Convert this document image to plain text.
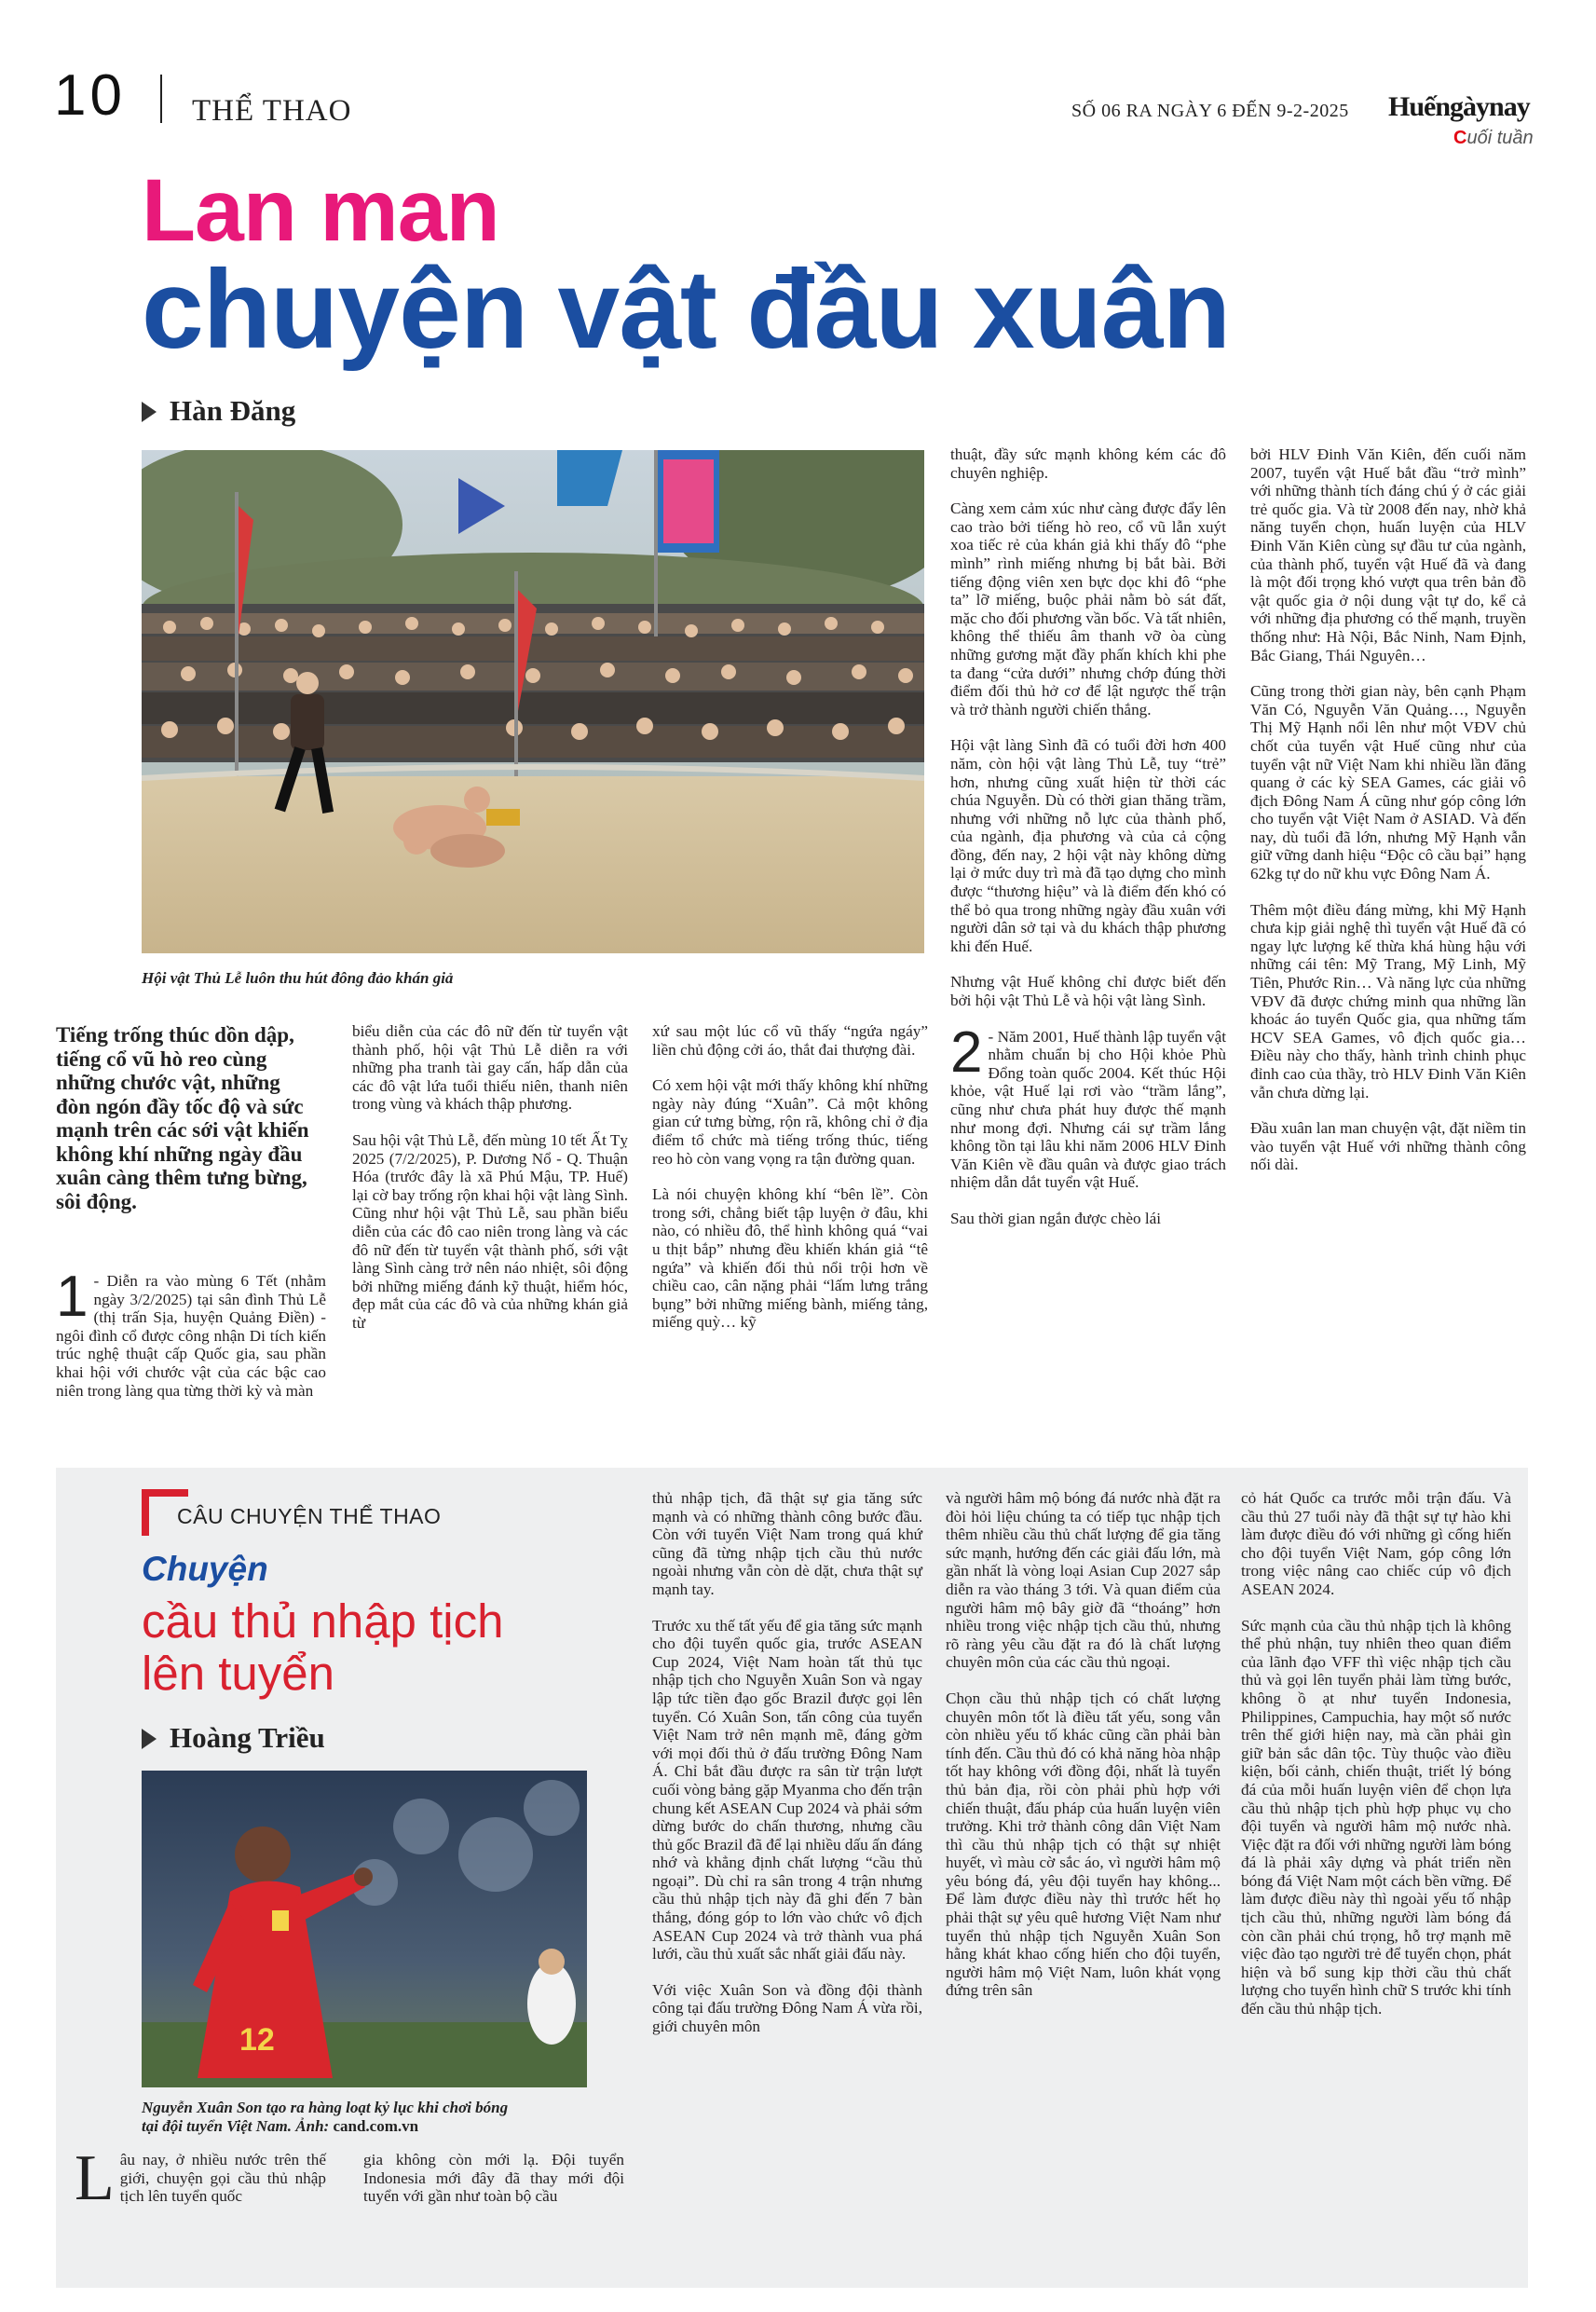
10 THỂ THAO	SỐ 06 RA NGÀY 6 ĐẾN 9-2-2025 Huếngàynay
Cuối tuần
Lan man
chuyện vật đầu xuân
Hàn Đăng
Hội vật Thủ Lễ luôn thu hút đông đảo khán giả
Tiếng trống thúc dồn dập, tiếng cổ vũ hò reo cùng những chước vật, những đòn ngón đầy tốc độ và sức mạnh trên các sới vật khiến không khí những ngày đầu xuân càng thêm tưng bừng, sôi động.

1 - Diễn ra vào mùng 6 Tết (nhằm ngày 3/2/2025) tại sân đình Thủ Lễ (thị trấn Sịa, huyện Quảng Điền) - ngôi đình cổ được công nhận Di tích kiến trúc nghệ thuật cấp Quốc gia, sau phần khai hội với chước vật của các bậc cao niên trong làng qua từng thời kỳ và màn

biểu diễn của các đô nữ đến từ tuyển vật thành phố, hội vật Thủ Lễ diễn ra với những pha tranh tài gay cấn, hấp dẫn của các đô vật lứa tuổi thiếu niên, thanh niên trong vùng và khách thập phương.

Sau hội vật Thủ Lễ, đến mùng 10 tết Ất Tỵ 2025 (7/2/2025), P. Dương Nổ - Q. Thuận Hóa (trước đây là xã Phú Mậu, TP. Huế) lại cờ bay trống rộn khai hội vật làng Sình. Cũng như hội vật Thủ Lễ, sau phần biểu diễn của các đô cao niên trong làng và các đô nữ đến từ tuyển vật thành phố, sới vật làng Sình càng trở nên náo nhiệt, sôi động bởi những miếng đánh kỹ thuật, hiểm hóc, đẹp mắt của các đô và của những khán giả từ

xứ sau một lúc cổ vũ thấy “ngứa ngáy” liền chủ động cởi áo, thắt đai thượng đài.

Có xem hội vật mới thấy không khí những ngày này đúng “Xuân”. Cả một không gian cứ tưng bừng, rộn rã, không chỉ ở địa điểm tổ chức mà tiếng trống thúc, tiếng reo hò còn vang vọng ra tận đường quan.

Là nói chuyện không khí “bên lề”. Còn trong sới, chẳng biết tập luyện ở đâu, khi nào, có nhiều đô, thể hình không quá “vai u thịt bắp” nhưng đều khiến khán giả “tê ngứa” và khiến đối thủ nổi trội hơn về chiều cao, cân nặng phải “lấm lưng trắng bụng” bởi những miếng bành, miếng tảng, miếng quỳ… kỹ

thuật, đầy sức mạnh không kém các đô chuyên nghiệp.

Càng xem cảm xúc như càng được đẩy lên cao trào bởi tiếng hò reo, cổ vũ lẫn xuýt xoa tiếc rẻ của khán giả khi thấy đô “phe mình” rình miếng nhưng bị bắt bài. Bởi tiếng động viên xen bực dọc khi đô “phe ta” lỡ miếng, buộc phải nằm bò sát đất, mặc cho đối phương vần bốc. Và tất nhiên, không thể thiếu âm thanh vỡ òa cùng những gương mặt đầy phấn khích khi phe ta đang “cửa dưới” nhưng chớp đúng thời điểm đối thủ hở cơ để lật ngược thế trận và trở thành người chiến thắng.

Hội vật làng Sình đã có tuổi đời hơn 400 năm, còn hội vật làng Thủ Lễ, tuy “trẻ” hơn, nhưng cũng xuất hiện từ thời các chúa Nguyễn. Dù có thời gian thăng trầm, nhưng với những nỗ lực của thành phố, của ngành, địa phương và của cả cộng đồng, đến nay, 2 hội vật này không dừng lại ở mức duy trì mà đã tạo dựng cho mình được “thương hiệu” và là điểm đến khó có thể bỏ qua trong những ngày đầu xuân với người dân sở tại và du khách thập phương khi đến Huế.

Nhưng vật Huế không chỉ được biết đến bởi hội vật Thủ Lễ và hội vật làng Sình.

2 - Năm 2001, Huế thành lập tuyển vật nhằm chuẩn bị cho Hội khỏe Phù Đổng toàn quốc 2004. Kết thúc Hội khỏe, vật Huế lại rơi vào “trầm lắng”, cũng như chưa phát huy được thế mạnh như mong đợi. Nhưng cái sự trầm lắng không tồn tại lâu khi năm 2006 HLV Đinh Văn Kiên về đầu quân và được giao trách nhiệm dẫn dắt tuyển vật Huế.

Sau thời gian ngắn được chèo lái

bởi HLV Đinh Văn Kiên, đến cuối năm 2007, tuyển vật Huế bắt đầu “trở mình” với những thành tích đáng chú ý ở các giải trẻ quốc gia. Và từ 2008 đến nay, nhờ khả năng tuyển chọn, huấn luyện của HLV Đinh Văn Kiên cùng sự đầu tư của ngành, của thành phố, tuyển vật Huế đã và đang là một đối trọng khó vượt qua trên bản đồ vật quốc gia ở nội dung vật tự do, kể cả với những địa phương có thế mạnh, truyền thống như: Hà Nội, Bắc Ninh, Nam Định, Bắc Giang, Thái Nguyên…

Cũng trong thời gian này, bên cạnh Phạm Văn Có, Nguyễn Văn Quảng…, Nguyễn Thị Mỹ Hạnh nổi lên như một VĐV chủ chốt của tuyển vật Huế cũng như của tuyển vật nữ Việt Nam khi nhiều lần đăng quang ở các kỳ SEA Games, các giải vô địch Đông Nam Á cũng như góp công lớn cho tuyển vật Việt Nam ở ASIAD. Và đến nay, dù tuổi đã lớn, nhưng Mỹ Hạnh vẫn giữ vững danh hiệu “Độc cô cầu bại” hạng 62kg tự do nữ khu vực Đông Nam Á.

Thêm một điều đáng mừng, khi Mỹ Hạnh chưa kịp giải nghệ thì tuyển vật Huế đã có ngay lực lượng kế thừa khá hùng hậu với những cái tên: Mỹ Trang, Mỹ Linh, Mỹ Tiên, Phước Rin… Và năng lực của những VĐV đã được chứng minh qua những lần khoác áo tuyển Quốc gia, qua những tấm HCV SEA Games, vô địch quốc gia… Điều này cho thấy, hành trình chinh phục đỉnh cao của thầy, trò HLV Đinh Văn Kiên vẫn chưa dừng lại.

Đầu xuân lan man chuyện vật, đặt niềm tin vào tuyển vật Huế với những thành công nối dài.

CÂU CHUYỆN THỂ THAO
Chuyện
cầu thủ nhập tịch
lên tuyển
Hoàng Triều
12
Nguyễn Xuân Son tạo ra hàng loạt kỷ lục khi chơi bóng
tại đội tuyển Việt Nam. Ảnh: cand.com.vn

Lâu nay, ở nhiều nước trên thế giới, chuyện gọi cầu thủ nhập tịch lên tuyển quốc

gia không còn mới lạ. Đội tuyển Indonesia mới đây đã thay mới đội tuyển với gần như toàn bộ cầu

thủ nhập tịch, đã thật sự gia tăng sức mạnh và có những thành công bước đầu. Còn với tuyển Việt Nam trong quá khứ cũng đã từng nhập tịch cầu thủ nước ngoài nhưng vẫn còn dè dặt, chưa thật sự mạnh tay.

Trước xu thế tất yếu để gia tăng sức mạnh cho đội tuyển quốc gia, trước ASEAN Cup 2024, Việt Nam hoàn tất thủ tục nhập tịch cho Nguyễn Xuân Son và ngay lập tức tiền đạo gốc Brazil được gọi lên tuyển. Có Xuân Son, tấn công của tuyển Việt Nam trở nên mạnh mẽ, đáng gờm với mọi đối thủ ở đấu trường Đông Nam Á. Chỉ bắt đầu được ra sân từ trận lượt cuối vòng bảng gặp Myanma cho đến trận chung kết ASEAN Cup 2024 và phải sớm dừng bước do chấn thương, nhưng cầu thủ gốc Brazil đã để lại nhiều dấu ấn đáng nhớ và khẳng định chất lượng “cầu thủ ngoại”. Dù chỉ ra sân trong 4 trận nhưng cầu thủ nhập tịch này đã ghi đến 7 bàn thắng, đóng góp to lớn vào chức vô địch ASEAN Cup 2024 và trở thành vua phá lưới, cầu thủ xuất sắc nhất giải đấu này.

Với việc Xuân Son và đồng đội thành công tại đấu trường Đông Nam Á vừa rồi, giới chuyên môn

và người hâm mộ bóng đá nước nhà đặt ra đòi hỏi liệu chúng ta có tiếp tục nhập tịch thêm nhiều cầu thủ chất lượng để gia tăng sức mạnh, hướng đến các giải đấu lớn, mà gần nhất là vòng loại Asian Cup 2027 sắp diễn ra vào tháng 3 tới. Và quan điểm của người hâm mộ bây giờ đã “thoáng” hơn nhiều trong việc nhập tịch cầu thủ, nhưng rõ ràng yêu cầu đặt ra đó là chất lượng chuyên môn của các cầu thủ ngoại.

Chọn cầu thủ nhập tịch có chất lượng chuyên môn tốt là điều tất yếu, song vẫn còn nhiều yếu tố khác cũng cần phải bàn tính đến. Cầu thủ đó có khả năng hòa nhập tốt hay không với đồng đội, nhất là tuyển thủ bản địa, rồi còn phải phù hợp với chiến thuật, đấu pháp của huấn luyện viên trưởng. Khi trở thành công dân Việt Nam thì cầu thủ nhập tịch có thật sự nhiệt huyết, vì màu cờ sắc áo, vì người hâm mộ yêu bóng đá, yêu đội tuyển hay không... Để làm được điều này thì trước hết họ phải thật sự yêu quê hương Việt Nam như tuyển thủ nhập tịch Nguyễn Xuân Son hằng khát khao cống hiến cho đội tuyển, người hâm mộ Việt Nam, luôn khát vọng đứng trên sân

cỏ hát Quốc ca trước mỗi trận đấu. Và cầu thủ 27 tuổi này đã thật sự tự hào khi làm được điều đó với những gì cống hiến cho đội tuyển Việt Nam, góp công lớn trong việc nâng cao chiếc cúp vô địch ASEAN 2024.

Sức mạnh của cầu thủ nhập tịch là không thể phủ nhận, tuy nhiên theo quan điểm của lãnh đạo VFF thì việc nhập tịch cầu thủ và gọi lên tuyển phải làm từng bước, không ồ ạt như tuyển Indonesia, Philippines, Campuchia, hay một số nước trên thế giới hiện nay, mà cần phải gìn giữ bản sắc dân tộc. Tùy thuộc vào điều kiện, bối cảnh, chiến thuật, triết lý bóng đá của mỗi huấn luyện viên để chọn lựa cầu thủ nhập tịch phù hợp phục vụ cho đội tuyển và người hâm mộ nước nhà. Việc đặt ra đối với những người làm bóng đá là phải xây dựng và phát triển nền bóng đá Việt Nam một cách bền vững. Để làm được điều này thì ngoài yếu tố nhập tịch cầu thủ, những người làm bóng đá còn cần phải chú trọng, hỗ trợ mạnh mẽ việc đào tạo người trẻ để tuyển chọn, phát hiện và bổ sung kịp thời cầu thủ chất lượng cho tuyển hình chữ S trước khi tính đến cầu thủ nhập tịch.
